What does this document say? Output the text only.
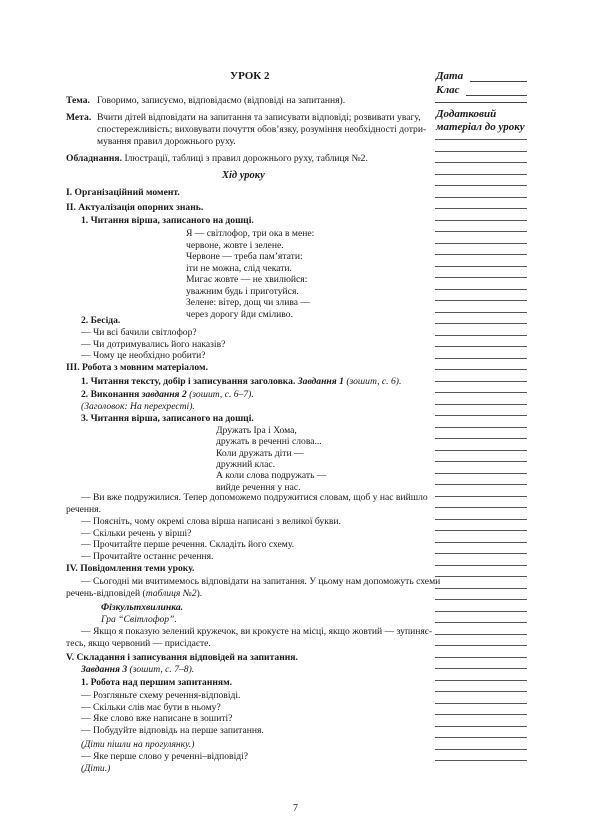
УРОК 2	Дата
Клас
Додатковий
матеріал до уроку
Тема. Говоримо, записуємо, відповідаємо (відповіді на запитання).
Мета. Вчити дітей відповідати на запитання та записувати відповіді; розвивати увагу,
спостережливість; виховувати почуття обов’язку, розуміння необхідності дотри-
мування правил дорожнього руху.
Обладнання. Ілюстрації, таблиці з правил дорожнього руху, таблиця №2.
Хід уроку
I. Організаційний момент.
II. Актуалізація опорних знань.
1. Читання вірша, записаного на дошці.
Я — світлофор, три ока в мене:
червоне, жовте і зелене.
Червоне — треба пам’ятати:
іти не можна, слід чекати.
Мигає жовте — не хвилюйся:
уважним будь і приготуйся.
Зелене: вітер, дощ чи злива —
через дорогу йди сміливо.
2. Бесіда.
— Чи всі бачили світлофор?
— Чи дотримувались його наказів?
— Чому це необхідно робити?
III. Робота з мовним матеріалом.
1. Читання тексту, добір і записування заголовка. Завдання 1 (зошит, с. 6).
2. Виконання завдання 2 (зошит, с. 6–7).
(Заголовок: На перехресті).
3. Читання вірша, записаного на дошці.
Дружать Іра і Хома,
дружать в реченні слова...
Коли дружать діти —
дружний клас.
А коли слова подружать —
вийде речення у нас.
— Ви вже подружилися. Тепер допоможемо подружитися словам, щоб у нас вийшло
речення.
— Поясніть, чому окремі слова вірша написані з великої букви.
— Скільки речень у вірші?
— Прочитайте перше речення. Складіть його схему.
— Прочитайте останнє речення.
IV. Повідомлення теми уроку.
— Сьогодні ми вчитимемось відповідати на запитання. У цьому нам допоможуть схеми
речень-відповідей (таблиця №2).
Фізкультхвилинка.
Гра “Світлофор”.
— Якщо я показую зелений кружечок, ви крокуєте на місці, якщо жовтий — зупиняє-
тесь, якщо червоний — присідаєте.
V. Складання і записування відповідей на запитання.
Завдання 3 (зошит, с. 7–8).
1. Робота над першим запитанням.
— Розгляньте схему речення-відповіді.
— Скільки слів має бути в ньому?
— Яке слово вже написане в зошиті?
— Побудуйте відповідь на перше запитання.
(Діти пішли на прогулянку.)
— Яке перше слово у реченні–відповіді?
(Діти.)
7
